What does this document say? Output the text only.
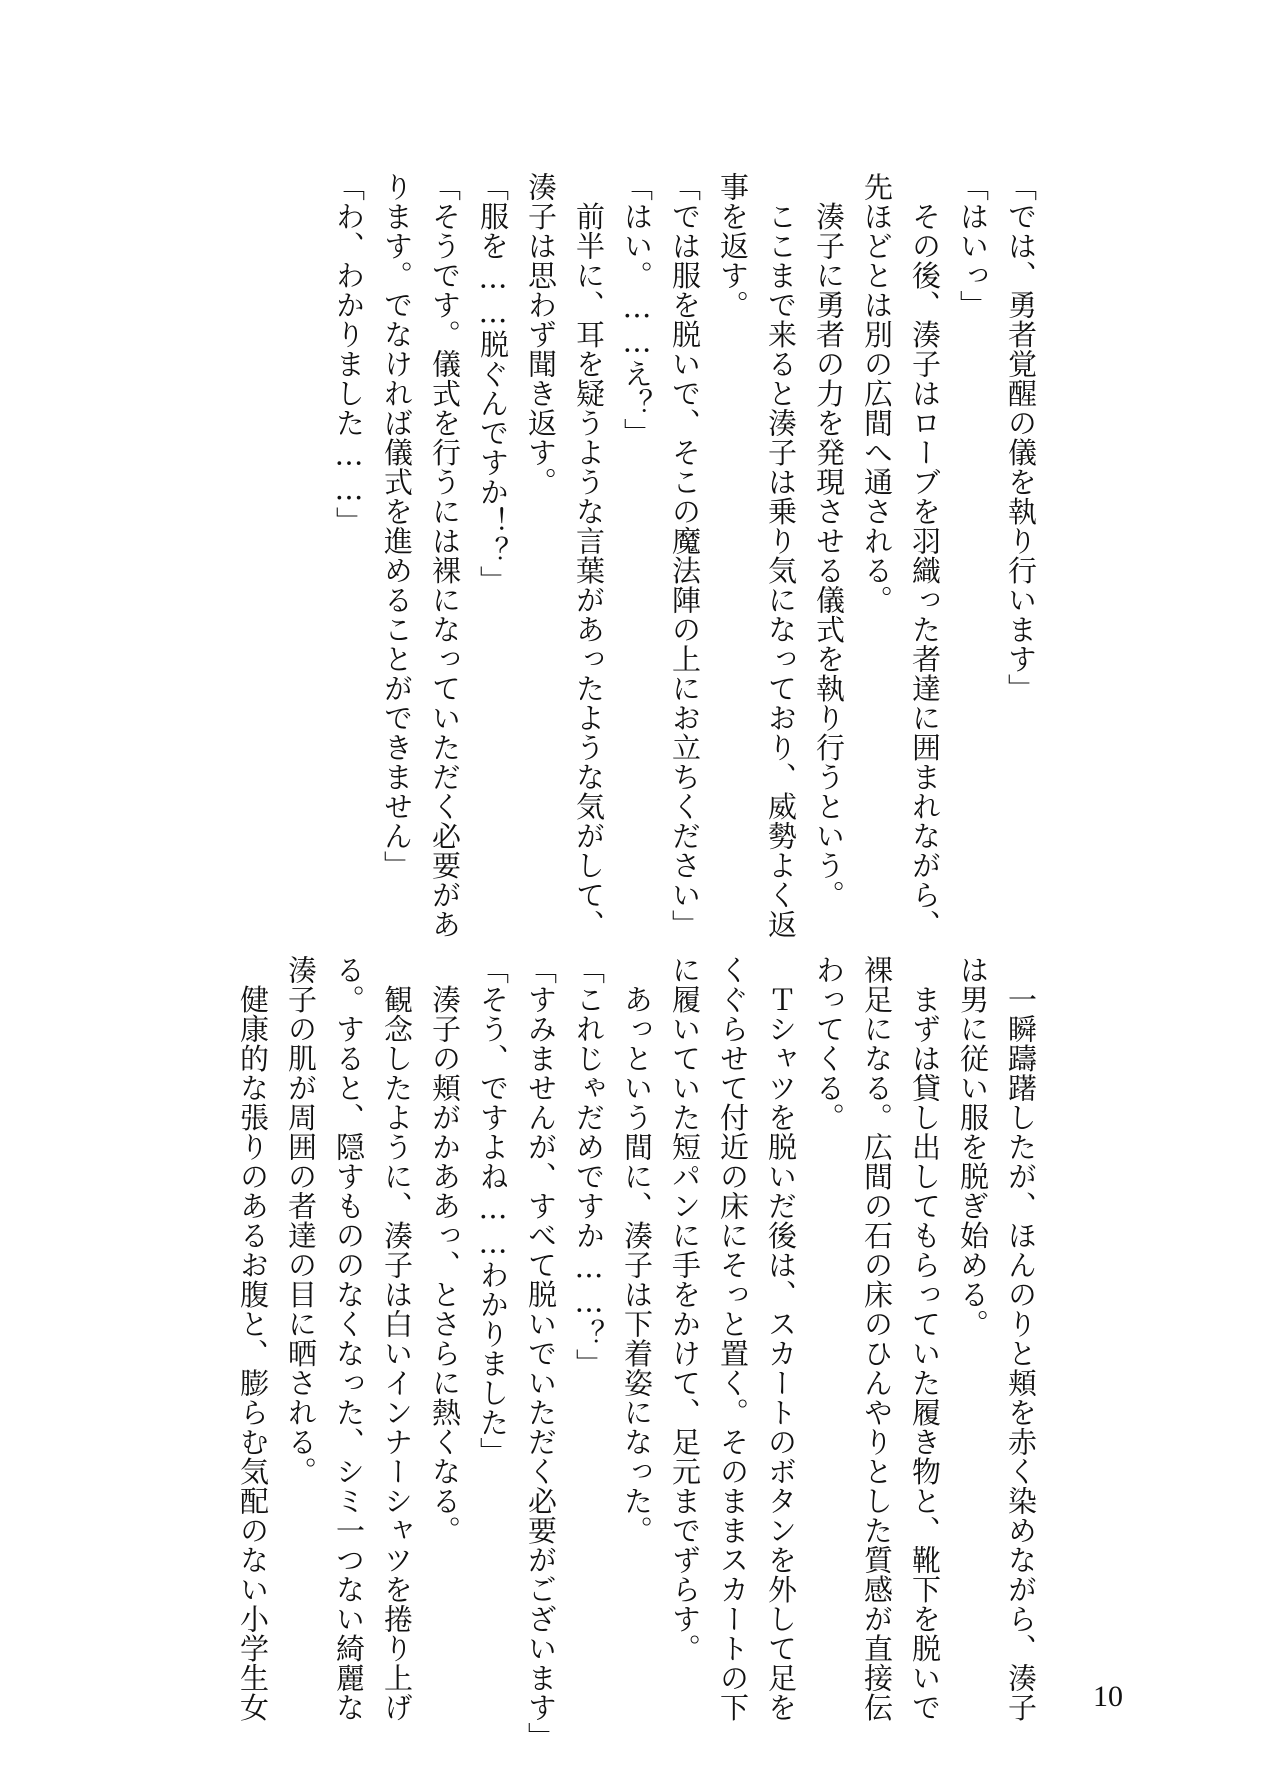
「では、勇者覚醒の儀を執り行います」
「はいっ」
　その後、湊子はローブを羽織った者達に囲まれながら、
先ほどとは別の広間へ通される。
　湊子に勇者の力を発現させる儀式を執り行うという。
　ここまで来ると湊子は乗り気になっており、威勢よく返
事を返す。
「では服を脱いで、そこの魔法陣の上にお立ちください」
「はい。……え？」
　前半に、耳を疑うような言葉があったような気がして、
湊子は思わず聞き返す。
「服を……脱ぐんですか！？」
「そうです。儀式を行うには裸になっていただく必要があ
ります。でなければ儀式を進めることができません」
「わ、わかりました……」
　一瞬躊躇したが、ほんのりと頬を赤く染めながら、湊子
は男に従い服を脱ぎ始める。
　まずは貸し出してもらっていた履き物と、靴下を脱いで
裸足になる。広間の石の床のひんやりとした質感が直接伝
わってくる。
　Ｔシャツを脱いだ後は、スカートのボタンを外して足を
くぐらせて付近の床にそっと置く。そのままスカートの下
に履いていた短パンに手をかけて、足元までずらす。
　あっという間に、湊子は下着姿になった。
「これじゃだめですか……？」
「すみませんが、すべて脱いでいただく必要がございます」
「そう、ですよね……わかりました」
　湊子の頬がかああっ、とさらに熱くなる。
　観念したように、湊子は白いインナーシャツを捲り上げ
る。すると、隠すもののなくなった、シミ一つない綺麗な
湊子の肌が周囲の者達の目に晒される。
　健康的な張りのあるお腹と、膨らむ気配のない小学生女	10
